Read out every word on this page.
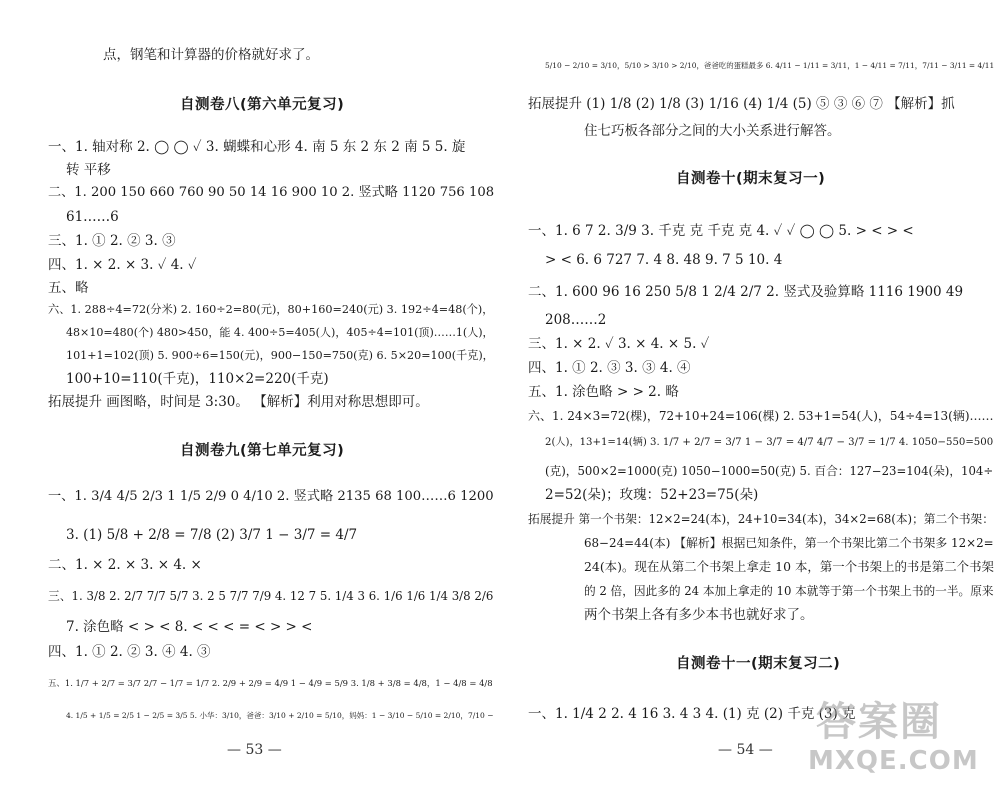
点，钢笔和计算器的价格就好求了。
自测卷八(第六单元复习)
一、1. 轴对称 2. ◯ ◯ ✓ 3. 蝴蝶和心形 4. 南 5 东 2 东 2 南 5 5. 旋
转 平移
二、1. 200 150 660 760 90 50 14 16 900 10 2. 竖式略 1120 756 108
61……6
三、1. ① 2. ② 3. ③
四、1. × 2. × 3. ✓ 4. ✓
五、略
六、1. 288÷4=72(分米) 2. 160÷2=80(元)，80+160=240(元) 3. 192÷4=48(个)，
48×10=480(个) 480>450，能 4. 400÷5=405(人)，405÷4=101(顶)……1(人)，
101+1=102(顶) 5. 900÷6=150(元)，900−150=750(克) 6. 5×20=100(千克)，
100+10=110(千克)，110×2=220(千克)
拓展提升 画图略，时间是 3:30。 【解析】利用对称思想即可。
自测卷九(第七单元复习)
一、1. 3/4 4/5 2/3 1 1/5 2/9 0 4/10 2. 竖式略 2135 68 100……6 1200
3. (1) 5/8 + 2/8 = 7/8 (2) 3/7 1 − 3/7 = 4/7
二、1. × 2. × 3. × 4. ×
三、1. 3/8 2. 2/7 7/7 5/7 3. 2 5 7/7 7/9 4. 12 7 5. 1/4 3 6. 1/6 1/6 1/4 3/8 2/6
7. 涂色略 < > < 8. < < < = < > > <
四、1. ① 2. ② 3. ④ 4. ③
五、1. 1/7 + 2/7 = 3/7 2/7 − 1/7 = 1/7 2. 2/9 + 2/9 = 4/9 1 − 4/9 = 5/9 3. 1/8 + 3/8 = 4/8，1 − 4/8 = 4/8
4. 1/5 + 1/5 = 2/5 1 − 2/5 = 3/5 5. 小华：3/10，爸爸：3/10 + 2/10 = 5/10，妈妈：1 − 3/10 − 5/10 = 2/10，7/10 −
— 53 —
5/10 − 2/10 = 3/10，5/10 > 3/10 > 2/10，爸爸吃的蛋糕最多 6. 4/11 − 1/11 = 3/11，1 − 4/11 = 7/11，7/11 − 3/11 = 4/11
拓展提升 (1) 1/8 (2) 1/8 (3) 1/16 (4) 1/4 (5) ⑤ ③ ⑥ ⑦ 【解析】抓
住七巧板各部分之间的大小关系进行解答。
自测卷十(期末复习一)
一、1. 6 7 2. 3/9 3. 千克 克 千克 克 4. ✓ ✓ ◯ ◯ 5. > < > <
> < 6. 6 727 7. 4 8. 48 9. 7 5 10. 4
二、1. 600 96 16 250 5/8 1 2/4 2/7 2. 竖式及验算略 1116 1900 49
208……2
三、1. × 2. ✓ 3. × 4. × 5. ✓
四、1. ① 2. ③ 3. ③ 4. ④
五、1. 涂色略 > > 2. 略
六、1. 24×3=72(棵)，72+10+24=106(棵) 2. 53+1=54(人)，54÷4=13(辆)……
2(人)，13+1=14(辆) 3. 1/7 + 2/7 = 3/7 1 − 3/7 = 4/7 4/7 − 3/7 = 1/7 4. 1050−550=500
(克)，500×2=1000(克) 1050−1000=50(克) 5. 百合：127−23=104(朵)，104÷
2=52(朵)；玫瑰：52+23=75(朵)
拓展提升 第一个书架：12×2=24(本)，24+10=34(本)，34×2=68(本)；第二个书架：
68−24=44(本) 【解析】根据已知条件，第一个书架比第二个书架多 12×2=
24(本)。现在从第二个书架上拿走 10 本，第一个书架上的书是第二个书架
的 2 倍，因此多的 24 本加上拿走的 10 本就等于第一个书架上书的一半。原来
两个书架上各有多少本书也就好求了。
自测卷十一(期末复习二)
一、1. 1/4 2 2. 4 16 3. 4 3 4. (1) 克 (2) 千克 (3) 克
— 54 —
答案圈
MXQE.COM
